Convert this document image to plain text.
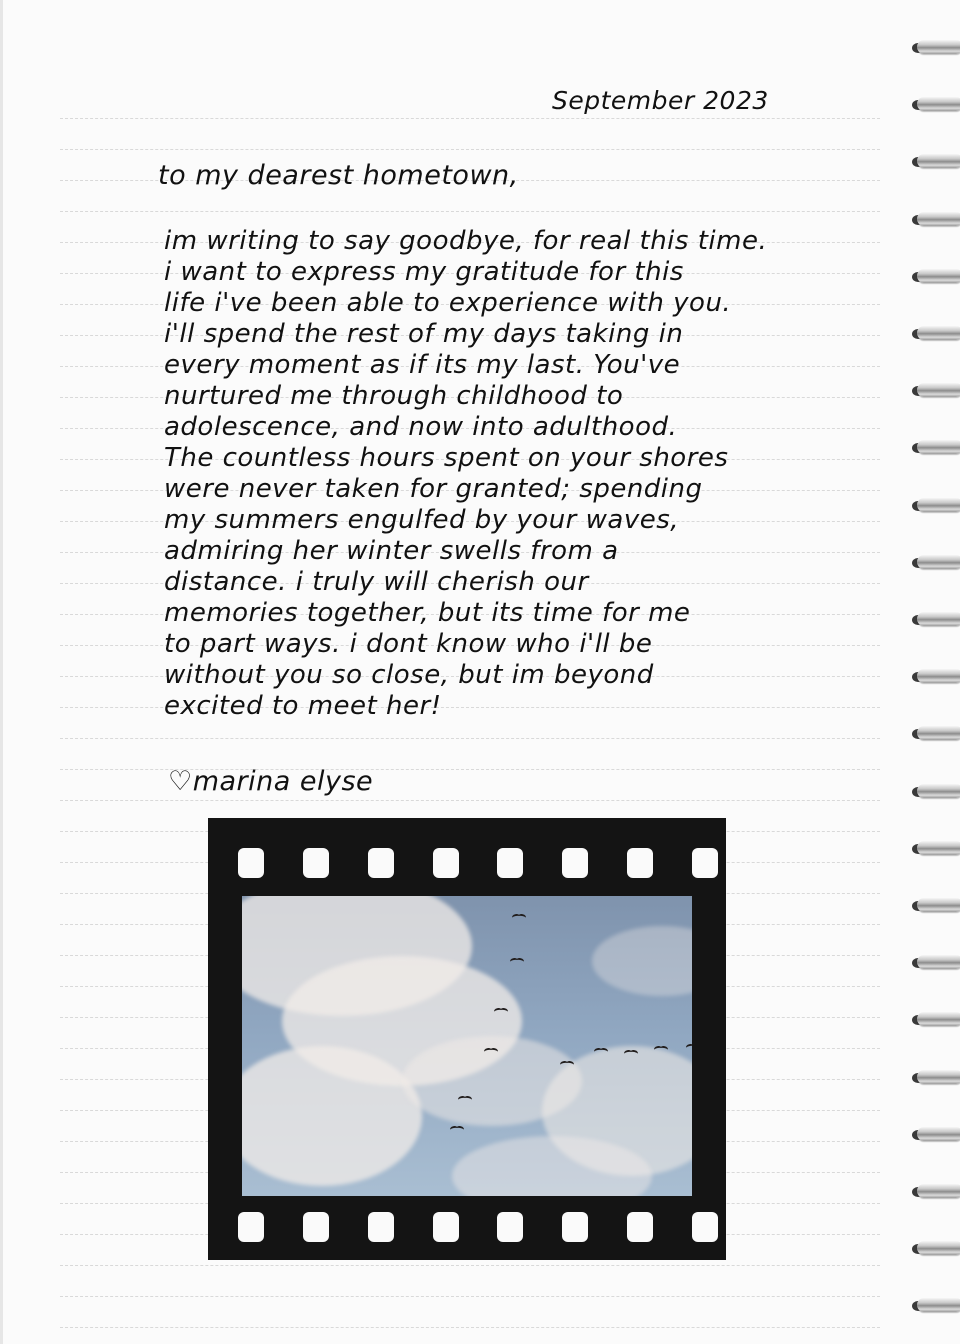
September 2023
to my dearest hometown,
im writing to say goodbye, for real this time.
i want to express my gratitude for this
life i've been able to experience with you.
i'll spend the rest of my days taking in
every moment as if its my last. You've
nurtured me through childhood to
adolescence, and now into adulthood.
The countless hours spent on your shores
were never taken for granted; spending
my summers engulfed by your waves,
admiring her winter swells from a
distance. i truly will cherish our
memories together, but its time for me
to part ways. i dont know who i'll be
without you so close, but im beyond
excited to meet her!
♡marina elyse
